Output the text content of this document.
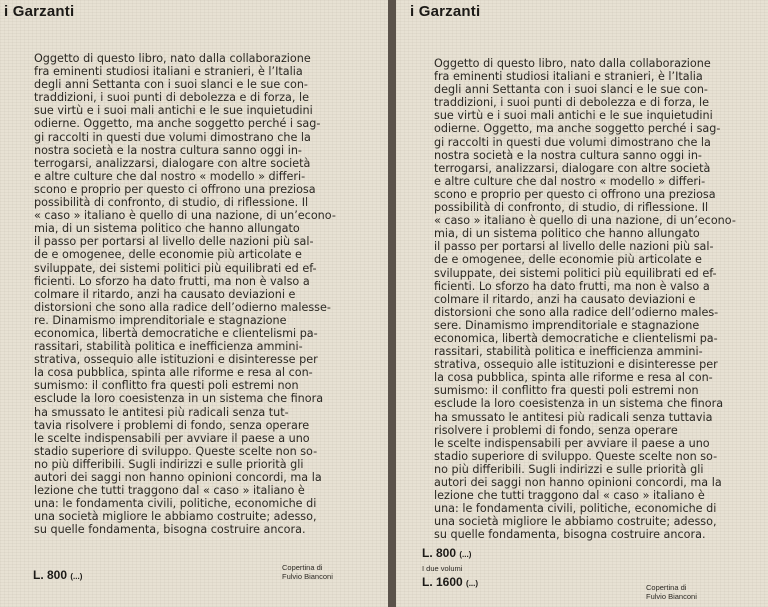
i Garzanti

Oggetto di questo libro, nato dalla collaborazione

fra eminenti studiosi italiani e stranieri, è l’Italia

degli anni Settanta con i suoi slanci e le sue con-

traddizioni, i suoi punti di debolezza e di forza, le

sue virtù e i suoi mali antichi e le sue inquietudini

odierne. Oggetto, ma anche soggetto perché i sag-

gi raccolti in questi due volumi dimostrano che la

nostra società e la nostra cultura sanno oggi in-

terrogarsi, analizzarsi, dialogare con altre società

e altre culture che dal nostro « modello » differi-

scono e proprio per questo ci offrono una preziosa

possibilità di confronto, di studio, di riflessione. Il

« caso » italiano è quello di una nazione, di un’econo-

mia, di un sistema politico che hanno allungato

il passo per portarsi al livello delle nazioni più sal-

de e omogenee, delle economie più articolate e

sviluppate, dei sistemi politici più equilibrati ed ef-

ficienti. Lo sforzo ha dato frutti, ma non è valso a

colmare il ritardo, anzi ha causato deviazioni e

distorsioni che sono alla radice dell’odierno malesse-

re. Dinamismo imprenditoriale e stagnazione

economica, libertà democratiche e clientelismi pa-

rassitari, stabilità politica e inefficienza ammini-

strativa, ossequio alle istituzioni e disinteresse per

la cosa pubblica, spinta alle riforme e resa al con-

sumismo: il conflitto fra questi poli estremi non

esclude la loro coesistenza in un sistema che finora

ha smussato le antitesi più radicali senza tut-

tavia risolvere i problemi di fondo, senza operare

le scelte indispensabili per avviare il paese a uno

stadio superiore di sviluppo. Queste scelte non so-

no più differibili. Sugli indirizzi e sulle priorità gli

autori dei saggi non hanno opinioni concordi, ma la

lezione che tutti traggono dal « caso » italiano è

una: le fondamenta civili, politiche, economiche di

una società migliore le abbiamo costruite; adesso,

su quelle fondamenta, bisogna costruire ancora.

L. 800 (...)
Copertina di
Fulvio Bianconi
i Garzanti

Oggetto di questo libro, nato dalla collaborazione

fra eminenti studiosi italiani e stranieri, è l’Italia

degli anni Settanta con i suoi slanci e le sue con-

traddizioni, i suoi punti di debolezza e di forza, le

sue virtù e i suoi mali antichi e le sue inquietudini

odierne. Oggetto, ma anche soggetto perché i sag-

gi raccolti in questi due volumi dimostrano che la

nostra società e la nostra cultura sanno oggi in-

terrogarsi, analizzarsi, dialogare con altre società

e altre culture che dal nostro « modello » differi-

scono e proprio per questo ci offrono una preziosa

possibilità di confronto, di studio, di riflessione. Il

« caso » italiano è quello di una nazione, di un’econo-

mia, di un sistema politico che hanno allungato

il passo per portarsi al livello delle nazioni più sal-

de e omogenee, delle economie più articolate e

sviluppate, dei sistemi politici più equilibrati ed ef-

ficienti. Lo sforzo ha dato frutti, ma non è valso a

colmare il ritardo, anzi ha causato deviazioni e

distorsioni che sono alla radice dell’odierno males-

sere. Dinamismo imprenditoriale e stagnazione

economica, libertà democratiche e clientelismi pa-

rassitari, stabilità politica e inefficienza ammini-

strativa, ossequio alle istituzioni e disinteresse per

la cosa pubblica, spinta alle riforme e resa al con-

sumismo: il conflitto fra questi poli estremi non

esclude la loro coesistenza in un sistema che finora

ha smussato le antitesi più radicali senza tuttavia

risolvere i problemi di fondo, senza operare

le scelte indispensabili per avviare il paese a uno

stadio superiore di sviluppo. Queste scelte non so-

no più differibili. Sugli indirizzi e sulle priorità gli

autori dei saggi non hanno opinioni concordi, ma la

lezione che tutti traggono dal « caso » italiano è

una: le fondamenta civili, politiche, economiche di

una società migliore le abbiamo costruite; adesso,

su quelle fondamenta, bisogna costruire ancora.

L. 800 (...)
I due volumi
L. 1600 (...)	Copertina di
Fulvio Bianconi
